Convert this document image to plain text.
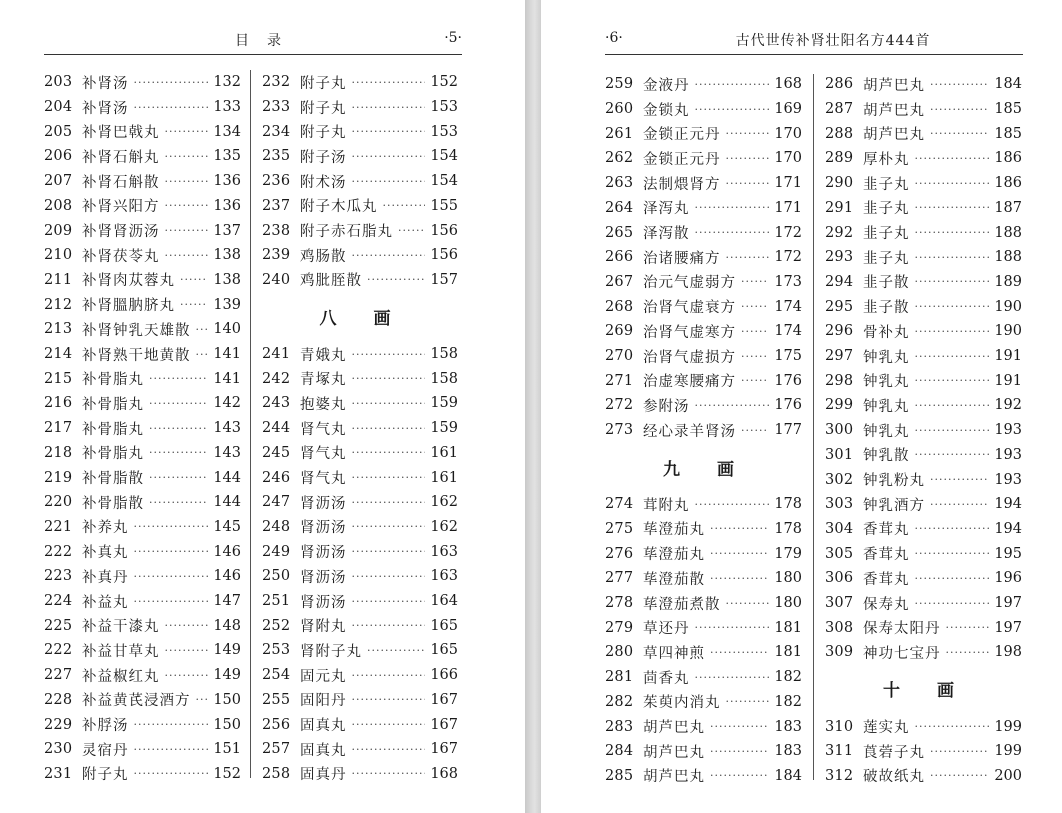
目　录	·5·
203 补肾汤 ·····	132
204 补肾汤 ·····	133
205 补肾巴戟丸 ·····	134
206 补肾石斛丸 ·····	135
207 补肾石斛散 ·····	136
208 补肾兴阳方 ·····	136
209 补肾肾沥汤 ·····	137
210 补肾茯苓丸 ·····	138
211 补肾肉苁蓉丸 ·····	138
212 补肾膃肭脐丸 ·····	139
213 补肾钟乳天雄散 ····· 140
214 补肾熟干地黄散 ····· 141
215 补骨脂丸 ·····	141
216 补骨脂丸 ·····	142
217 补骨脂丸 ·····	143
218 补骨脂丸 ·····	143
219 补骨脂散 ·····	144
220 补骨脂散 ·····	144
221 补养丸 ·····	145
222 补真丸 ·····	146
223 补真丹 ·····	146
224 补益丸 ·····	147
225 补益干漆丸 ·····	148
222 补益甘草丸 ·····	149
227 补益椒红丸 ·····	149
228 补益黄芪浸酒方 ····· 150
229 补脬汤 ·····	150
230 灵宿丹 ·····	151
231 附子丸 ·····	152
232 附子丸 ·····	152
233 附子丸 ·····	153
234 附子丸 ·····	153
235 附子汤 ·····	154
236 附术汤 ·····	154
237 附子木瓜丸 ·····	155
238 附子赤石脂丸 ·····	156
239 鸡肠散 ·····	156
240 鸡肶胵散 ·····	157
八　画
241 青娥丸 ·····	158
242 青塚丸 ·····	158
243 抱婆丸 ·····	159
244 肾气丸 ·····	159
245 肾气丸 ·····	161
246 肾气丸 ·····	161
247 肾沥汤 ·····	162
248 肾沥汤 ·····	162
249 肾沥汤 ·····	163
250 肾沥汤 ·····	163
251 肾沥汤 ·····	164
252 肾附丸 ·····	165
253 肾附子丸 ·····	165
254 固元丸 ·····	166
255 固阳丹 ·····	167
256 固真丸 ·····	167
257 固真丸 ·····	167
258 固真丹 ·····	168
·6·	古代世传补肾壮阳名方444首
259 金液丹 ·····	168
260 金锁丸 ·····	169
261 金锁正元丹 ·····	170
262 金锁正元丹 ·····	170
263 法制煨肾方 ·····	171
264 泽泻丸 ·····	171
265 泽泻散 ·····	172
266 治诸腰痛方 ·····	172
267 治元气虚弱方 ·····	173
268 治肾气虚衰方 ·····	174
269 治肾气虚寒方 ·····	174
270 治肾气虚损方 ·····	175
271 治虚寒腰痛方 ·····	176
272 参附汤 ·····	176
273 经心录羊肾汤 ·····	177
九　画
274 茸附丸 ·····	178
275 荜澄茄丸 ·····	178
276 荜澄茄丸 ·····	179
277 荜澄茄散 ·····	180
278 荜澄茄煮散 ·····	180
279 草还丹 ·····	181
280 草四神煎 ·····	181
281 茴香丸 ·····	182
282 茱萸内消丸 ·····	182
283 胡芦巴丸 ·····	183
284 胡芦巴丸 ·····	183
285 胡芦巴丸 ·····	184
286 胡芦巴丸 ·····	184
287 胡芦巴丸 ·····	185
288 胡芦巴丸 ·····	185
289 厚朴丸 ·····	186
290 韭子丸 ·····	186
291 韭子丸 ·····	187
292 韭子丸 ·····	188
293 韭子丸 ·····	188
294 韭子散 ·····	189
295 韭子散 ·····	190
296 骨补丸 ·····	190
297 钟乳丸 ·····	191
298 钟乳丸 ·····	191
299 钟乳丸 ·····	192
300 钟乳丸 ·····	193
301 钟乳散 ·····	193
302 钟乳粉丸 ·····	193
303 钟乳酒方 ·····	194
304 香茸丸 ·····	194
305 香茸丸 ·····	195
306 香茸丸 ·····	196
307 保寿丸 ·····	197
308 保寿太阳丹 ·····	197
309 神功七宝丹 ·····	198
十　画
310 莲实丸 ·····	199
311 莨菪子丸 ·····	199
312 破故纸丸 ·····	200
